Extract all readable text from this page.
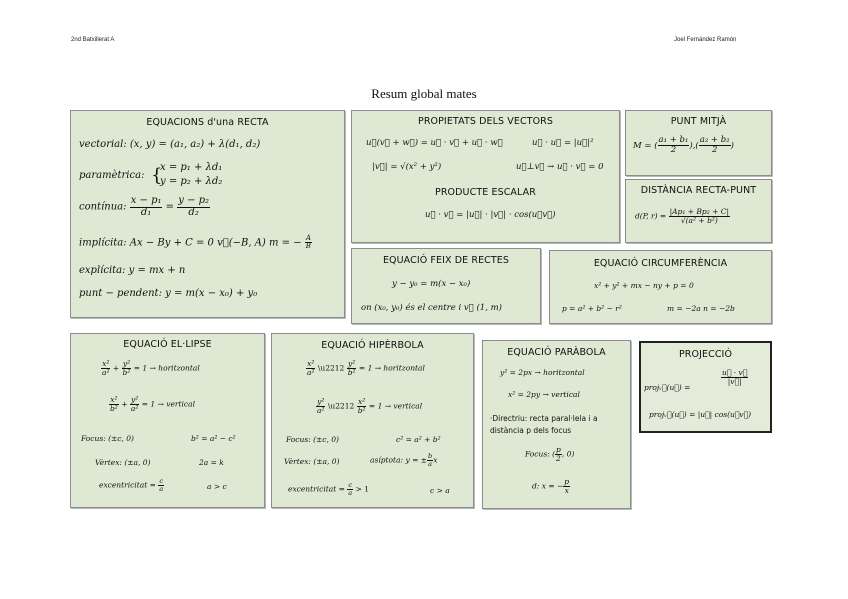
2nd Batxillerat A	Joel Fernández Ramón
Resum global mates
EQUACIONS d'una RECTA
vectorial: (x, y) = (a₁, a₂) + λ(d₁, d₂)
paramètrica: {
x = p₁ + λd₁
y = p₂ + λd₂
contínua: $\frac{\text{x − p₁}}{\text{d₁}} = \frac{\text{y − p₂}}{\text{d₂}}$
implícita: Ax − By + C = 0 v⃗(−B, A) m = − $\frac{A}{B}$
explícita: y = mx + n
punt − pendent: y = m(x − x₀) + y₀
PROPIETATS DELS VECTORS
u⃗(v⃗ + w⃗) = u⃗ · v⃗ + u⃗ · w⃗	u⃗ · u⃗ = |u⃗|²
|v⃗| = √(x² + y²)	u⃗⊥v⃗ → u⃗ · v⃗ = 0
PRODUCTE ESCALAR
u⃗ · v⃗ = |u⃗| · |v⃗| · cos(u⃗v⃗)
PUNT MITJÀ
M = ( $\frac{\text{a₁ + b₁}}{2}$ ),( $\frac{\text{a₂ + b₂}}{2}$ )
DISTÀNCIA RECTA-PUNT
d(P, $r) = \frac{\text{|Ap₁ + Bp₂ + C|}}{\text{√(a² + b²)}}$
EQUACIÓ FEIX DE RECTES
y − y₀ = m(x − x₀)
on (x₀, y₀) és el centre i v⃗ (1, m)
EQUACIÓ CIRCUMFERÈNCIA
x² + y² + mx − ny + p = 0
p = a² + b² − r²	m = −2a n = −2b
EQUACIÓ EL·LIPSE
$\frac{\text{x²}}{\text{a²}} + \frac{\text{y²}}{\text{b²}} = 1$ → horitzontal
$\frac{\text{x²}}{\text{b²}} + \frac{\text{y²}}{\text{a²}} = 1$ → vertical
Focus: (±c, 0)	b² = a² − c²
Vèrtex: (±a, 0)	2a = k
excentricitat = $\frac{c}{a}$	a > c
EQUACIÓ HIPÈRBOLA
$\frac{\text{x²}}{\text{a²}}$ \u2212 $\frac{\text{y²}}{\text{b²}} = 1$ → horitzontal
$\frac{\text{y²}}{\text{a²}}$ \u2212 $\frac{\text{x²}}{\text{b²}} = 1$ → vertical
Focus: (±c, 0)	c² = a² + b²
Vèrtex: (±a, 0)	asíptota: y = ± $\frac{b}{a}$ x
excentricitat = $\frac{c}{a} > 1$	c > a
EQUACIÓ PARÀBOLA
y² = 2px → horitzontal
x² = 2py → vertical
·Directriu: recta paral·lela i a distància p dels focus
Focus: ( $\frac{p}{2}$ , 0)
d: x = − $\frac{p}{x}$
PROJECCIÓ
projᵥ⃗(u⃗) =
$\frac{u⃗ \cdot v⃗}{|v⃗|}$
projᵥ⃗(u⃗) = |u⃗| cos(u⃗v⃗)
